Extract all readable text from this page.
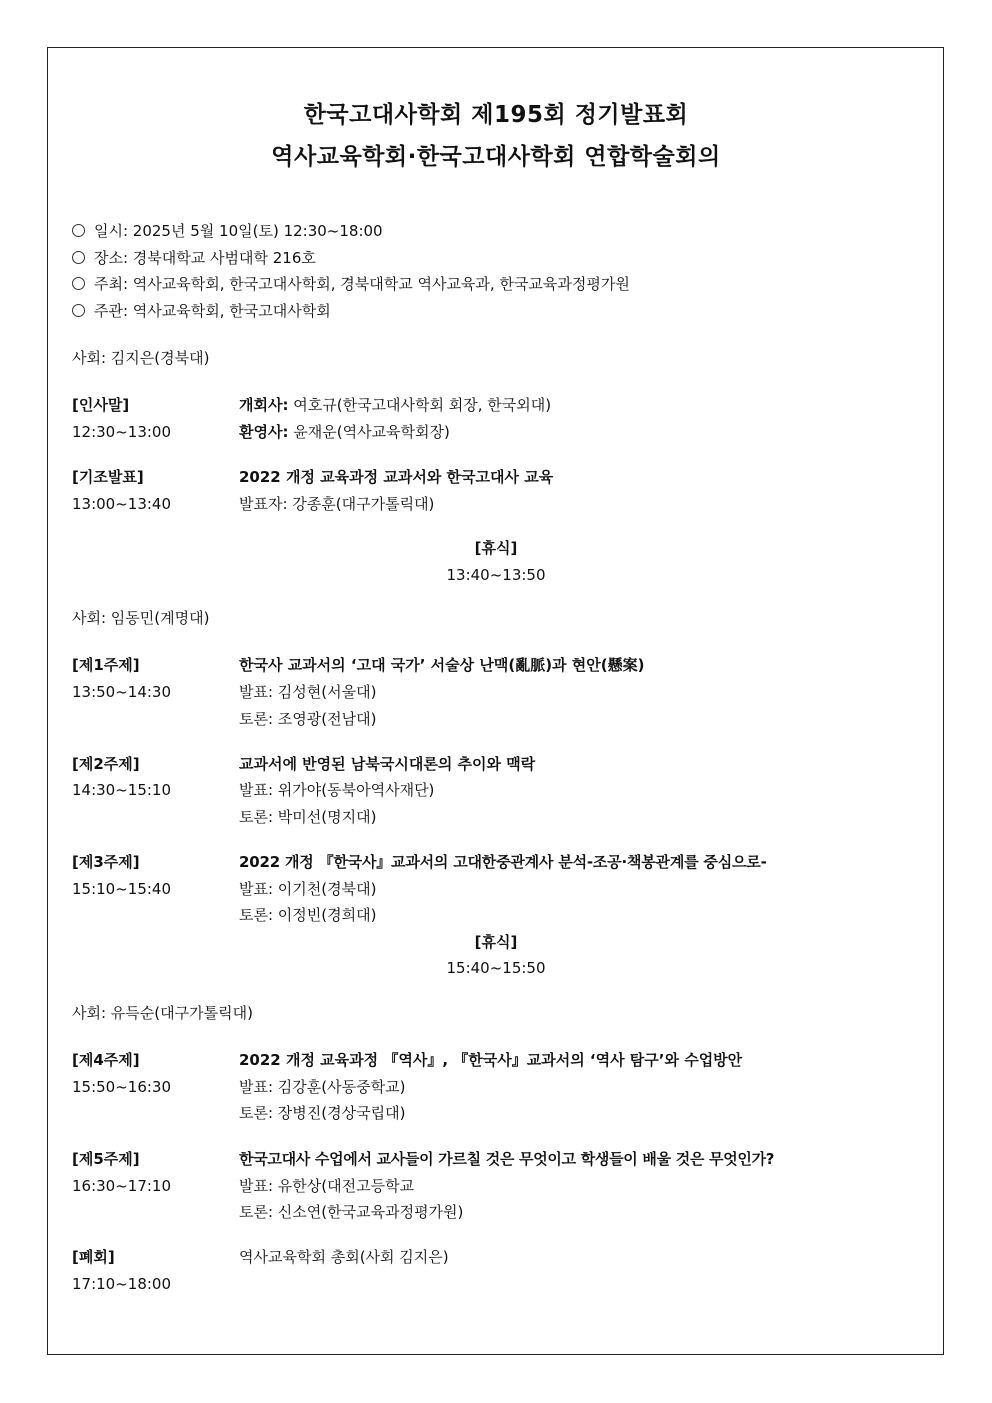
한국고대사학회 제195회 정기발표회
역사교육학회·한국고대사학회 연합학술회의
일시: 2025년 5월 10일(토) 12:30~18:00
장소: 경북대학교 사범대학 216호
주최: 역사교육학회, 한국고대사학회, 경북대학교 역사교육과, 한국교육과정평가원
주관: 역사교육학회, 한국고대사학회
사회: 김지은(경북대)
[인사말]
12:30~13:00
개회사: 여호규(한국고대사학회 회장, 한국외대)
환영사: 윤재운(역사교육학회장)
[기조발표]
13:00~13:40
2022 개정 교육과정 교과서와 한국고대사 교육
발표자: 강종훈(대구가톨릭대)
[휴식]
13:40~13:50
사회: 임동민(계명대)
[제1주제]
13:50~14:30
한국사 교과서의 ‘고대 국가’ 서술상 난맥(亂脈)과 현안(懸案)
발표: 김성현(서울대)
토론: 조영광(전남대)
[제2주제]
14:30~15:10
교과서에 반영된 남북국시대론의 추이와 맥락
발표: 위가야(동북아역사재단)
토론: 박미선(명지대)
[제3주제]
15:10~15:40
2022 개정 『한국사』교과서의 고대한중관계사 분석-조공·책봉관계를 중심으로-
발표: 이기천(경북대)
토론: 이정빈(경희대)
[휴식]
15:40~15:50
사회: 유득순(대구가톨릭대)
[제4주제]
15:50~16:30
2022 개정 교육과정 『역사』, 『한국사』교과서의 ‘역사 탐구’와 수업방안
발표: 김강훈(사동중학교)
토론: 장병진(경상국립대)
[제5주제]
16:30~17:10
한국고대사 수업에서 교사들이 가르칠 것은 무엇이고 학생들이 배울 것은 무엇인가?
발표: 유한상(대전고등학교
토론: 신소연(한국교육과정평가원)
[폐회]
17:10~18:00
역사교육학회 총회(사회 김지은)
